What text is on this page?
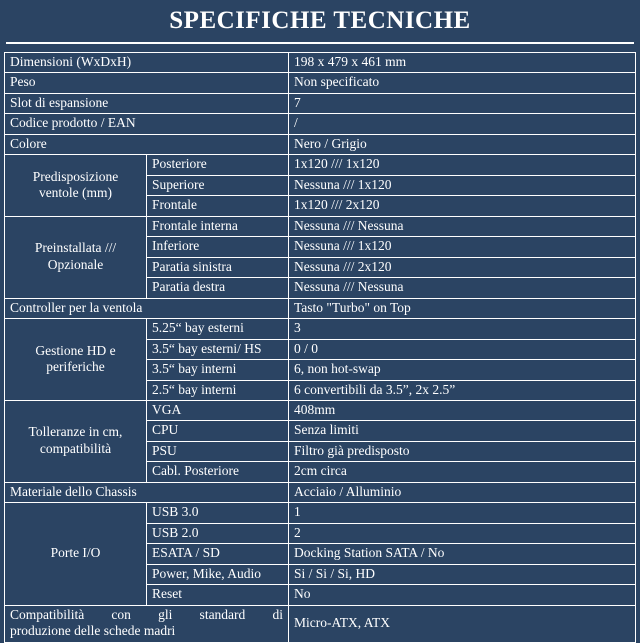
SPECIFICHE TECNICHE
Dimensioni (WxDxH)		198 x 479 x 461 mm
Peso		Non specificato
Slot di espansione		7
Codice prodotto / EAN		/
Colore		Nero / Grigio

Predisposizione
ventole (mm)	Posteriore	1x120 /// 1x120
	Superiore	Nessuna /// 1x120
	Frontale	1x120 /// 2x120

Preinstallata ///
Opzionale	Frontale interna	Nessuna /// Nessuna
	Inferiore	Nessuna /// 1x120
	Paratia sinistra	Nessuna /// 2x120
	Paratia destra	Nessuna /// Nessuna
Controller per la ventola		Tasto "Turbo" on Top

Gestione HD e
periferiche	5.25“ bay esterni	3
	3.5“ bay esterni/ HS	0 / 0
	3.5“ bay interni	6, non hot-swap
	2.5“ bay interni	6 convertibili da 3.5”, 2x 2.5”

Tolleranze in cm,
compatibilità	VGA	408mm
	CPU	Senza limiti
	PSU	Filtro già predisposto
	Cabl. Posteriore	2cm circa
Materiale dello Chassis		Acciaio / Alluminio

Porte I/O	USB 3.0	1
	USB 2.0	2
	ESATA / SD	Docking Station SATA / No
	Power, Mike, Audio	Si / Si / Si, HD
	Reset	No

Compatibilità con gli standard di
produzione delle schede madri		Micro-ATX, ATX
